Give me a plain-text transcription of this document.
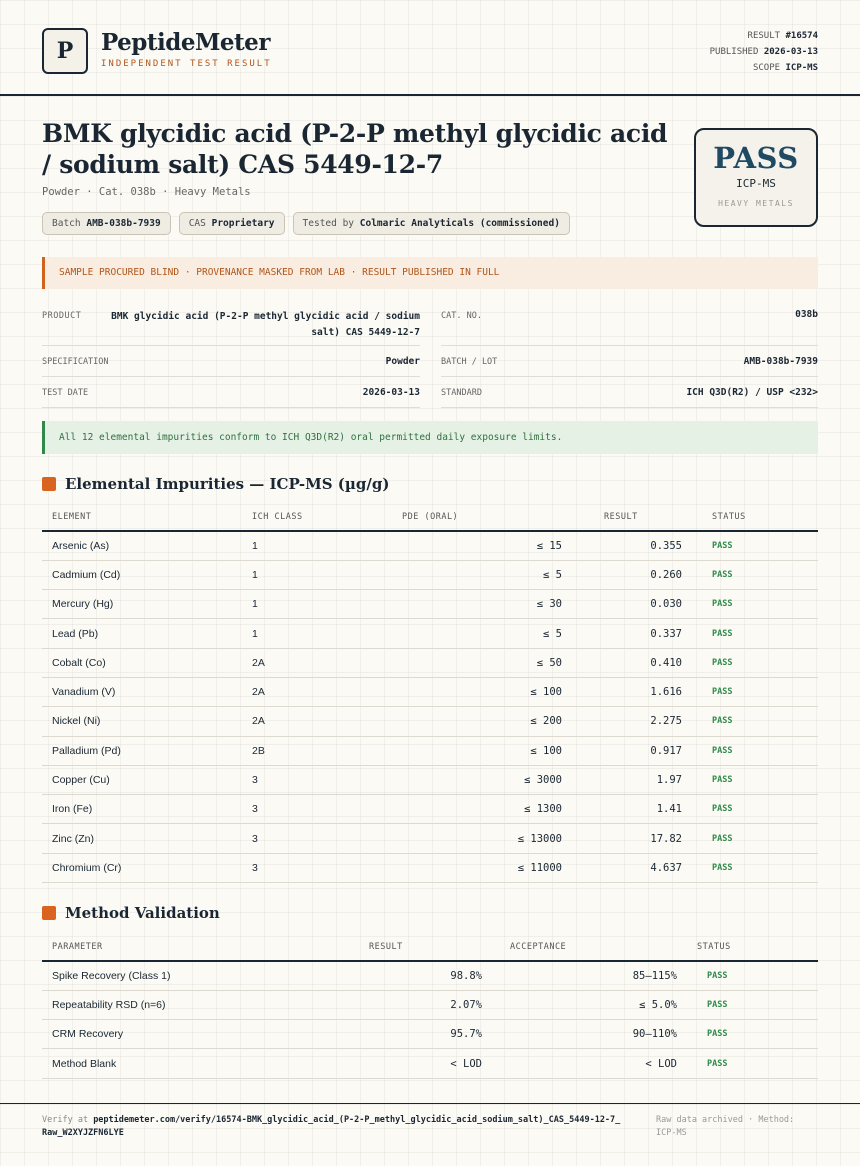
P PeptideMeter
INDEPENDENT TEST RESULT
RESULT #16574
PUBLISHED 2026-03-13
SCOPE ICP-MS
BMK glycidic acid (P-2-P methyl glycidic acid / sodium salt) CAS 5449-12-7
Powder · Cat. 038b · Heavy Metals
Batch AMB-038b-7939	CAS Proprietary	Tested by Colmaric Analyticals (commissioned)
PASS
ICP-MS
HEAVY METALS
SAMPLE PROCURED BLIND · PROVENANCE MASKED FROM LAB · RESULT PUBLISHED IN FULL
PRODUCT	BMK glycidic acid (P-2-P methyl glycidic acid / sodium salt) CAS 5449-12-7
CAT. NO.	038b
SPECIFICATION	Powder BATCH / LOT	AMB-038b-7939
TEST DATE	2026-03-13 STANDARD	ICH Q3D(R2) / USP <232>
All 12 elemental impurities conform to ICH Q3D(R2) oral permitted daily exposure limits.
Elemental Impurities — ICP-MS (µg/g)
ELEMENT	ICH CLASS	PDE (ORAL)	RESULT	STATUS
Arsenic (As)	1	≤ 15	0.355	PASS
Cadmium (Cd)	1	≤ 5	0.260	PASS
Mercury (Hg)	1	≤ 30	0.030	PASS
Lead (Pb)	1	≤ 5	0.337	PASS
Cobalt (Co)	2A	≤ 50	0.410	PASS
Vanadium (V)	2A	≤ 100	1.616	PASS
Nickel (Ni)	2A	≤ 200	2.275	PASS
Palladium (Pd)	2B	≤ 100	0.917	PASS
Copper (Cu)	3	≤ 3000	1.97	PASS
Iron (Fe)	3	≤ 1300	1.41	PASS
Zinc (Zn)	3	≤ 13000	17.82	PASS
Chromium (Cr)	3	≤ 11000	4.637	PASS
Method Validation
PARAMETER	RESULT	ACCEPTANCE	STATUS
Spike Recovery (Class 1)	98.8%	85–115%	PASS
Repeatability RSD (n=6)	2.07%	≤ 5.0%	PASS
CRM Recovery	95.7%	90–110%	PASS
Method Blank	< LOD	< LOD	PASS
Verify at peptidemeter.com/verify/16574-BMK_glycidic_acid_(P-2-P_methyl_glycidic_acid_sodium_salt)_CAS_5449-12-7_Raw_W2XYJZFN6LYE
Raw data archived · Method: ICP-MS
